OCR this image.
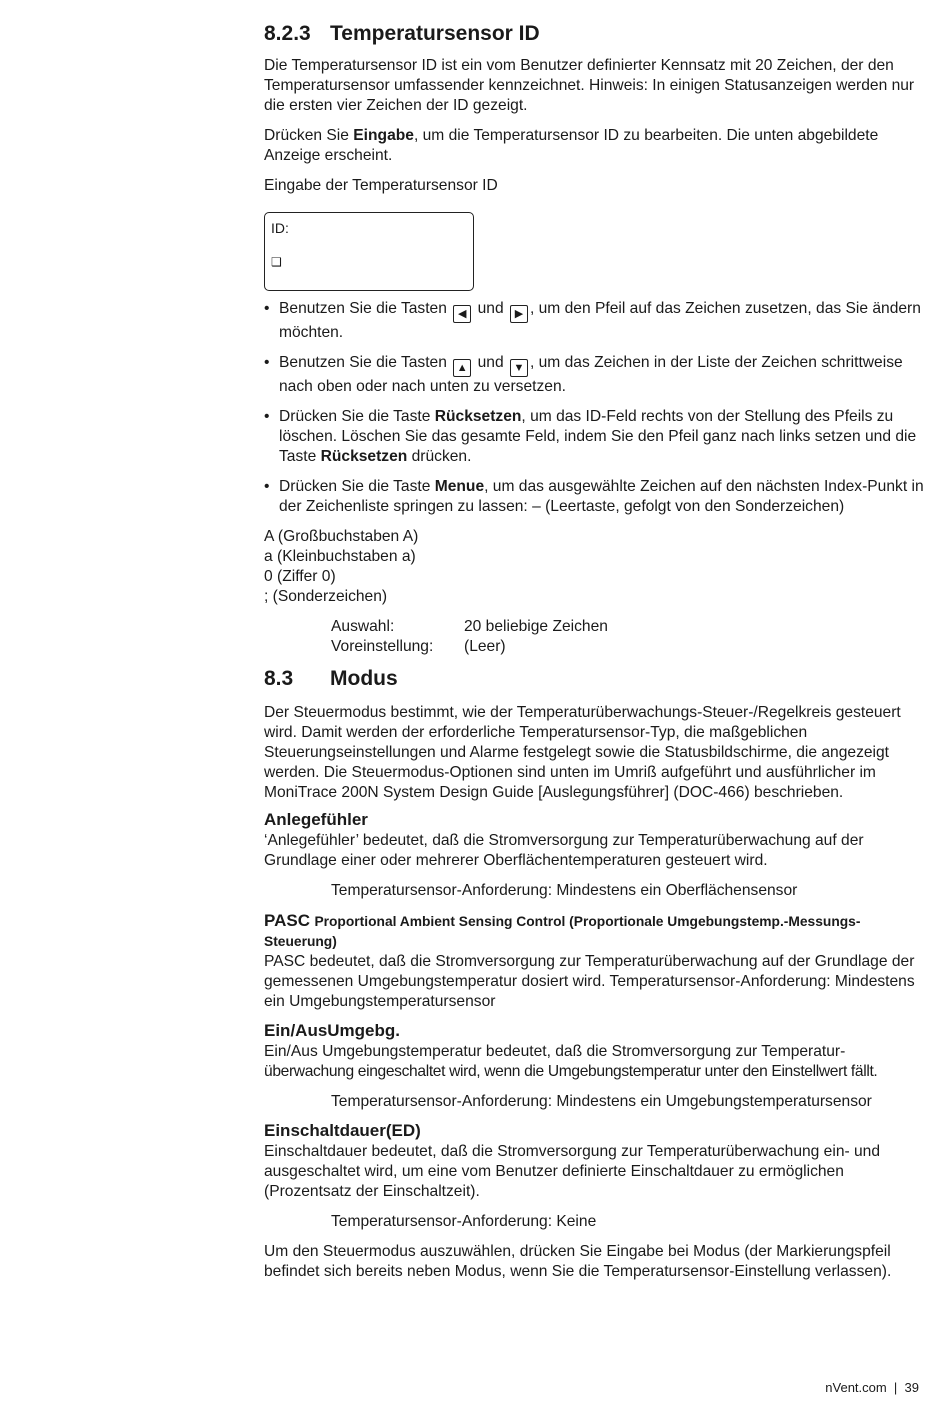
8.2.3 Temperatursensor ID

Die Temperatursensor ID ist ein vom Benutzer definierter Kennsatz mit 20 Zeichen, der den Temperatursensor umfassender kennzeichnet. Hinweis: In einigen Statusanzeigen werden nur die ersten vier Zeichen der ID gezeigt.

Drücken Sie Eingabe, um die Temperatursensor ID zu bearbeiten. Die unten abgebildete Anzeige erscheint.

Eingabe der Temperatursensor ID

ID:
❑
• Benutzen Sie die Tasten ◀ und ▶ , um den Pfeil auf das Zeichen zusetzen, das Sie ändern möchten.
• Benutzen Sie die Tasten ▲ und ▼ , um das Zeichen in der Liste der Zeichen schrittweise nach oben oder nach unten zu versetzen.
• Drücken Sie die Taste Rücksetzen, um das ID-Feld rechts von der Stellung des Pfeils zu löschen. Löschen Sie das gesamte Feld, indem Sie den Pfeil ganz nach links setzen und die Taste Rücksetzen drücken.
• Drücken Sie die Taste Menue, um das ausgewählte Zeichen auf den nächsten Index-Punkt in der Zeichenliste springen zu lassen: – (Leertaste, gefolgt von den Sonderzeichen)
A (Großbuchstaben A)
a (Kleinbuchstaben a)
0 (Ziffer 0)
; (Sonderzeichen)
Auswahl:	20 beliebige Zeichen
Voreinstellung:	(Leer)
8.3	Modus

Der Steuermodus bestimmt, wie der Temperaturüberwachungs-Steuer-/Regelkreis gesteuert wird. Damit werden der erforderliche Temperatursensor-Typ, die maßgeblichen Steuerungseinstellungen und Alarme festgelegt sowie die Statusbildschirme, die angezeigt werden. Die Steuermodus-Optionen sind unten im Umriß aufgeführt und ausführlicher im MoniTrace 200N System Design Guide [Auslegungsführer] (DOC-466) beschrieben.

Anlegefühler

‘Anlegefühler’ bedeutet, daß die Stromversorgung zur Temperaturüberwachung auf der Grundlage einer oder mehrerer Oberflächentemperaturen gesteuert wird.

Temperatursensor-Anforderung: Mindestens ein Oberflächensensor

PASC Proportional Ambient Sensing Control (Proportionale Umgebungstemp.-Messungs-Steuerung)

PASC bedeutet, daß die Stromversorgung zur Temperaturüberwachung auf der Grundlage der gemessenen Umgebungstemperatur dosiert wird. Temperatursensor-Anforderung: Mindestens ein Umgebungstemperatursensor

Ein/AusUmgebg.

Ein/Aus Umgebungstemperatur bedeutet, daß die Stromversorgung zur Temperatur-
überwachung eingeschaltet wird, wenn die Umgebungstemperatur unter den Einstellwert fällt.

Temperatursensor-Anforderung: Mindestens ein Umgebungstemperatursensor

Einschaltdauer(ED)

Einschaltdauer bedeutet, daß die Stromversorgung zur Temperaturüberwachung ein- und ausgeschaltet wird, um eine vom Benutzer definierte Einschaltdauer zu ermöglichen (Prozentsatz der Einschaltzeit).

Temperatursensor-Anforderung: Keine

Um den Steuermodus auszuwählen, drücken Sie Eingabe bei Modus (der Markierungspfeil befindet sich bereits neben Modus, wenn Sie die Temperatursensor-Einstellung verlassen).

nVent.com  |  39
